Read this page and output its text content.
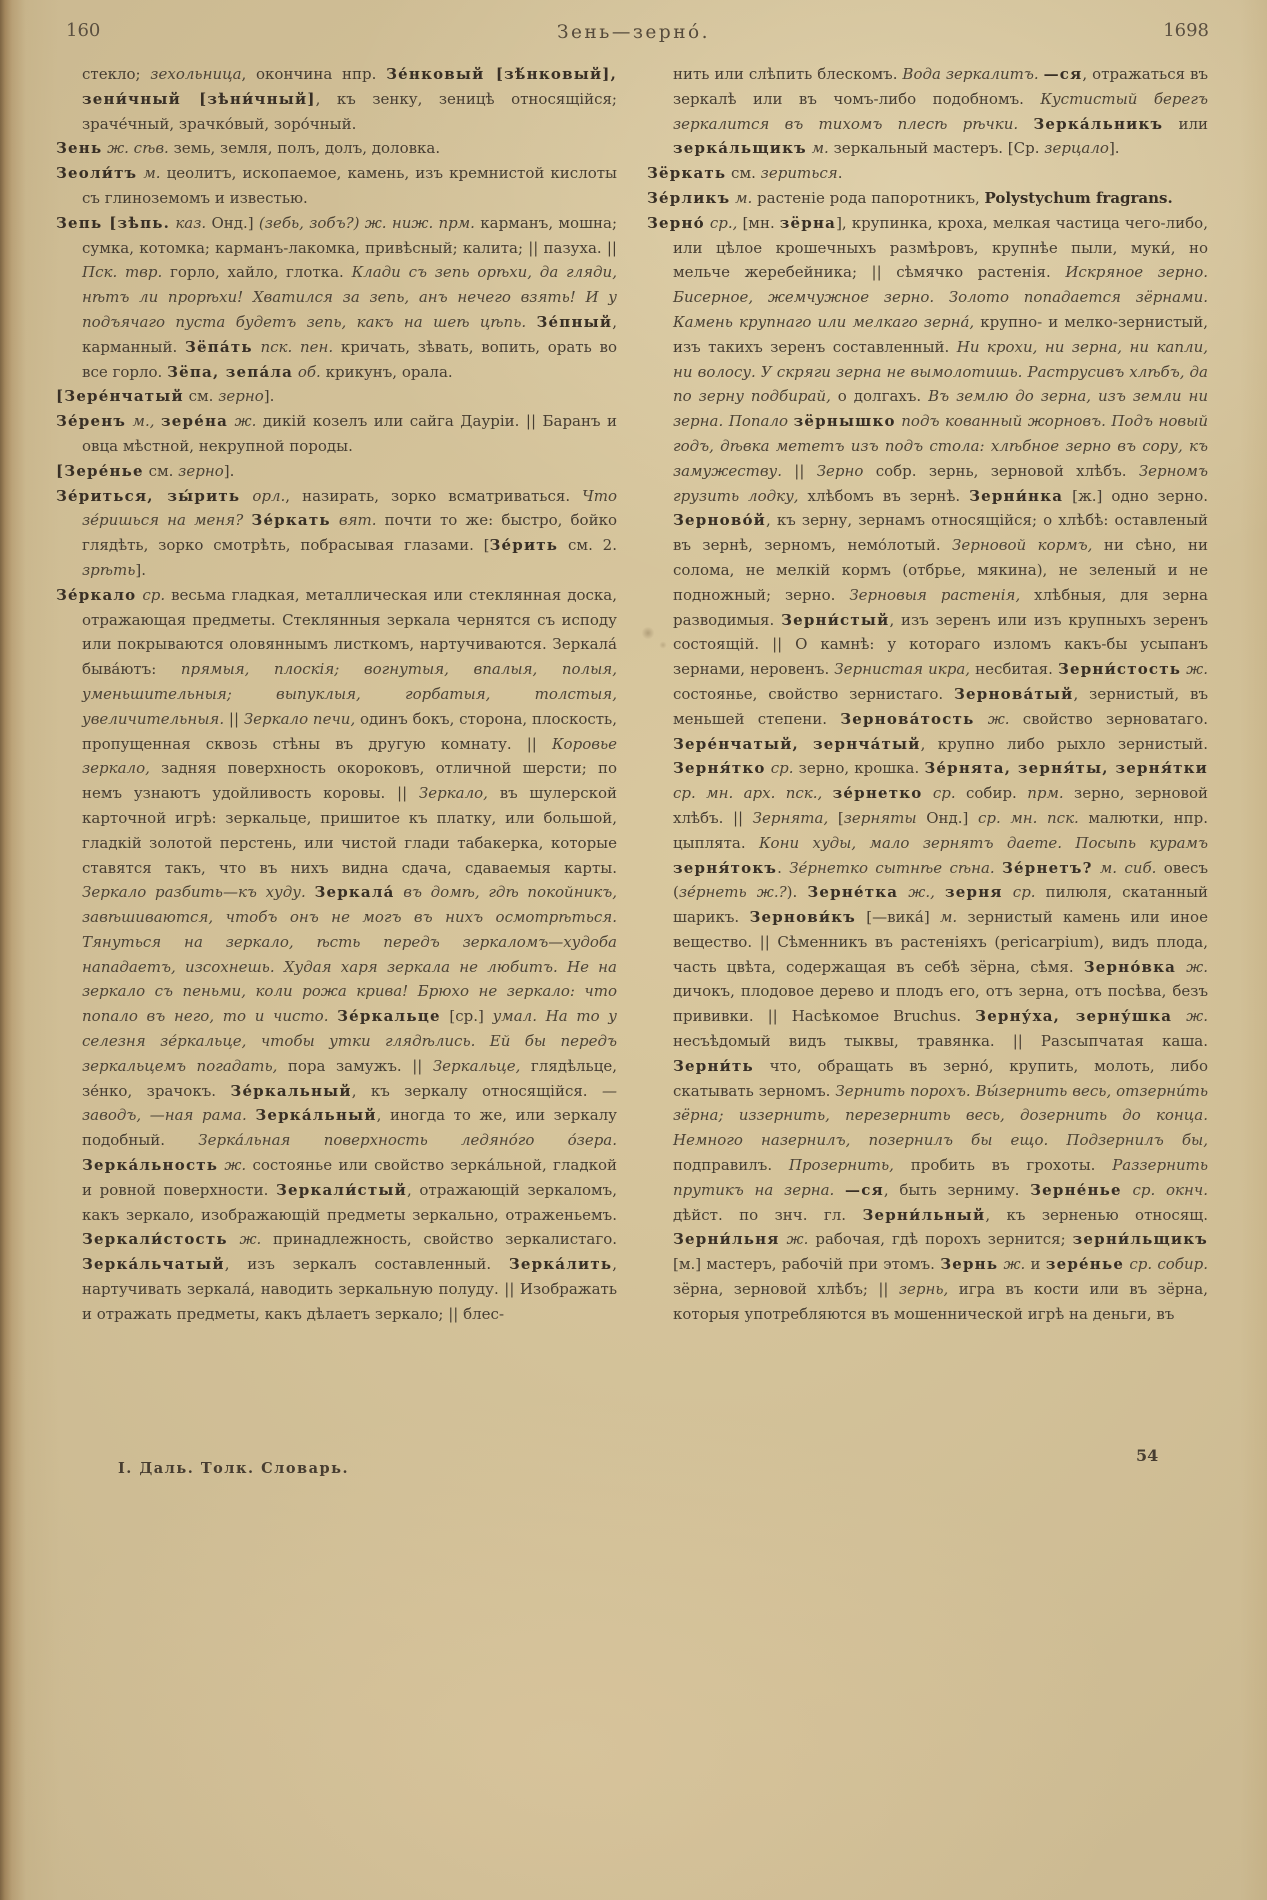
160	Зень—зерно́.	1698

стекло; зехольница, окончина нпр. Зе́нковый [зѣ́нковый], зени́чный [зѣни́чный], къ зенку, зеницѣ относящійся; зраче́чный, зрачко́вый, зоро́чный.

Зень ж. сѣв. земь, земля, полъ, долъ, доловка.

Зеоли́тъ м. цеолитъ, ископаемое, камень, изъ кремнистой кислоты съ глиноземомъ и известью.

Зепь [зѣпь. каз. Онд.] (зебь, зобъ?) ж. ниж. прм. карманъ, мошна; сумка, котомка; карманъ-лакомка, привѣсный; калита; || пазуха. || Пск. твр. горло, хайло, глотка. Клади съ зепь орѣхи, да гляди, нѣтъ ли прорѣхи! Хватился за зепь, анъ нечего взять! И у подъячаго пуста будетъ зепь, какъ на шеѣ цѣпь. Зе́пный, карманный. Зёпа́ть пск. пен. кричать, зѣвать, вопить, орать во все горло. Зёпа, зепа́ла об. крикунъ, орала.

[Зере́нчатый см. зерно].

Зе́ренъ м., зере́на ж. дикій козелъ или сайга Дауріи. || Баранъ и овца мѣстной, некрупной породы.

[Зере́нье см. зерно].

Зе́риться, зы́рить орл., назирать, зорко всматриваться. Что зе́ришься на меня? Зе́ркать вят. почти то же: быстро, бойко глядѣть, зорко смотрѣть, побрасывая глазами. [Зе́рить см. 2. зрѣть].

Зе́ркало ср. весьма гладкая, металлическая или стеклянная доска, отражающая предметы. Стеклянныя зеркала чернятся съ исподу или покрываются оловяннымъ листкомъ, нартучиваются. Зеркала́ быва́ютъ: прямыя, плоскія; вогнутыя, впалыя, полыя, уменьшительныя; выпуклыя, горбатыя, толстыя, увеличительныя. || Зеркало печи, одинъ бокъ, сторона, плоскость, пропущенная сквозь стѣны въ другую комнату. || Коровье зеркало, задняя поверхность окороковъ, отличной шерсти; по немъ узнаютъ удойливость коровы. || Зеркало, въ шулерской карточной игрѣ: зеркальце, пришитое къ платку, или большой, гладкій золотой перстень, или чистой глади табакерка, которые ставятся такъ, что въ нихъ видна сдача, сдаваемыя карты. Зеркало разбить—къ худу. Зеркала́ въ домѣ, гдѣ покойникъ, завѣшиваются, чтобъ онъ не могъ въ нихъ осмотрѣться. Тянуться на зеркало, ѣсть передъ зеркаломъ—худоба нападаетъ, изсохнешь. Худая харя зеркала не любитъ. Не на зеркало съ пеньми, коли рожа крива! Брюхо не зеркало: что попало въ него, то и чисто. Зе́ркальце [ср.] умал. На то у селезня зе́ркальце, чтобы утки глядѣлись. Ей бы передъ зеркальцемъ погадать, пора замужъ. || Зеркальце, глядѣльце, зе́нко, зрачокъ. Зе́ркальный, къ зеркалу относящійся. —заводъ, —ная рама. Зерка́льный, иногда то же, или зеркалу подобный. Зерка́льная поверхность ледяно́го о́зера. Зерка́льность ж. состоянье или свойство зерка́льной, гладкой и ровной поверхности. Зеркали́стый, отражающій зеркаломъ, какъ зеркало, изображающій предметы зеркально, отраженьемъ. Зеркали́стость ж. принадлежность, свойство зеркалистаго. Зерка́льчатый, изъ зеркалъ составленный. Зерка́лить, нартучивать зеркала́, наводить зеркальную полуду. || Изображать и отражать предметы, какъ дѣлаетъ зеркало; || блес-

нить или слѣпить блескомъ. Вода зеркалитъ. —ся, отражаться въ зеркалѣ или въ чомъ-либо подобномъ. Кустистый берегъ зеркалится въ тихомъ плесѣ рѣчки. Зерка́льникъ или зерка́льщикъ м. зеркальный мастеръ. [Ср. зерцало].

Зёркать см. зериться.

Зе́рликъ м. растеніе рода папоротникъ, Polystychum fragrans.

Зерно́ ср., [мн. зёрна], крупинка, кроха, мелкая частица чего-либо, или цѣлое крошечныхъ размѣровъ, крупнѣе пыли, муки́, но мельче жеребейника; || сѣмячко растенія. Искряное зерно. Бисерное, жемчужное зерно. Золото попадается зёрнами. Камень крупнаго или мелкаго зерна́, крупно- и мелко-зернистый, изъ такихъ зеренъ составленный. Ни крохи, ни зерна, ни капли, ни волосу. У скряги зерна не вымолотишь. Раструсивъ хлѣбъ, да по зерну подбирай, о долгахъ. Въ землю до зерна, изъ земли ни зерна. Попало зёрнышко подъ кованный жорновъ. Подъ новый годъ, дѣвка мететъ изъ подъ стола: хлѣбное зерно въ сору, къ замужеству. || Зерно собр. зернь, зерновой хлѣбъ. Зерномъ грузить лодку, хлѣбомъ въ зернѣ. Зерни́нка [ж.] одно зерно. Зерново́й, къ зерну, зернамъ относящійся; о хлѣбѣ: оставленый въ зернѣ, зерномъ, немо́лотый. Зерновой кормъ, ни сѣно, ни солома, не мелкій кормъ (отбрье, мякина), не зеленый и не подножный; зерно. Зерновыя растенія, хлѣбныя, для зерна разводимыя. Зерни́стый, изъ зеренъ или изъ крупныхъ зеренъ состоящій. || О камнѣ: у котораго изломъ какъ-бы усыпанъ зернами, неровенъ. Зернистая икра, несбитая. Зерни́стость ж. состоянье, свойство зернистаго. Зернова́тый, зернистый, въ меньшей степени. Зернова́тость ж. свойство зерноватаго. Зере́нчатый, зернча́тый, крупно либо рыхло зернистый. Зерня́тко ср. зерно, крошка. Зе́рнята, зерня́ты, зерня́тки ср. мн. арх. пск., зе́рнетко ср. собир. прм. зерно, зерновой хлѣбъ. || Зернята, [зерняты Онд.] ср. мн. пск. малютки, нпр. цыплята. Кони худы, мало зернятъ даете. Посыпь курамъ зерня́токъ. Зе́рнетко сытнѣе сѣна. Зе́рнетъ? м. сиб. овесъ (зе́рнеть ж.?). Зерне́тка ж., зерня ср. пилюля, скатанный шарикъ. Зернови́къ [—вика́] м. зернистый камень или иное вещество. || Сѣменникъ въ растеніяхъ (pericarpium), видъ плода, часть цвѣта, содержащая въ себѣ зёрна, сѣмя. Зерно́вка ж. дичокъ, плодовое дерево и плодъ его, отъ зерна, отъ посѣва, безъ прививки. || Насѣкомое Bruchus. Зерну́ха, зерну́шка ж. несъѣдомый видъ тыквы, травянка. || Разсыпчатая каша. Зерни́ть что, обращать въ зерно́, крупить, молоть, либо скатывать зерномъ. Зернить порохъ. Вы́зернить весь, отзерни́ть зёрна; иззернить, перезернить весь, дозернить до конца. Немного назернилъ, позернилъ бы ещо. Подзернилъ бы, подправилъ. Прозернить, пробить въ грохоты. Раззернить прутикъ на зерна. —ся, быть зерниму. Зерне́нье ср. окнч. дѣйст. по знч. гл. Зерни́льный, къ зерненью относящ. Зерни́льня ж. рабочая, гдѣ порохъ зернится; зерни́льщикъ [м.] мастеръ, рабочій при этомъ. Зернь ж. и зере́нье ср. собир. зёрна, зерновой хлѣбъ; || зернь, игра въ кости или въ зёрна, которыя употребляются въ мошеннической игрѣ на деньги, въ

І. Даль. Толк. Словарь.
54
